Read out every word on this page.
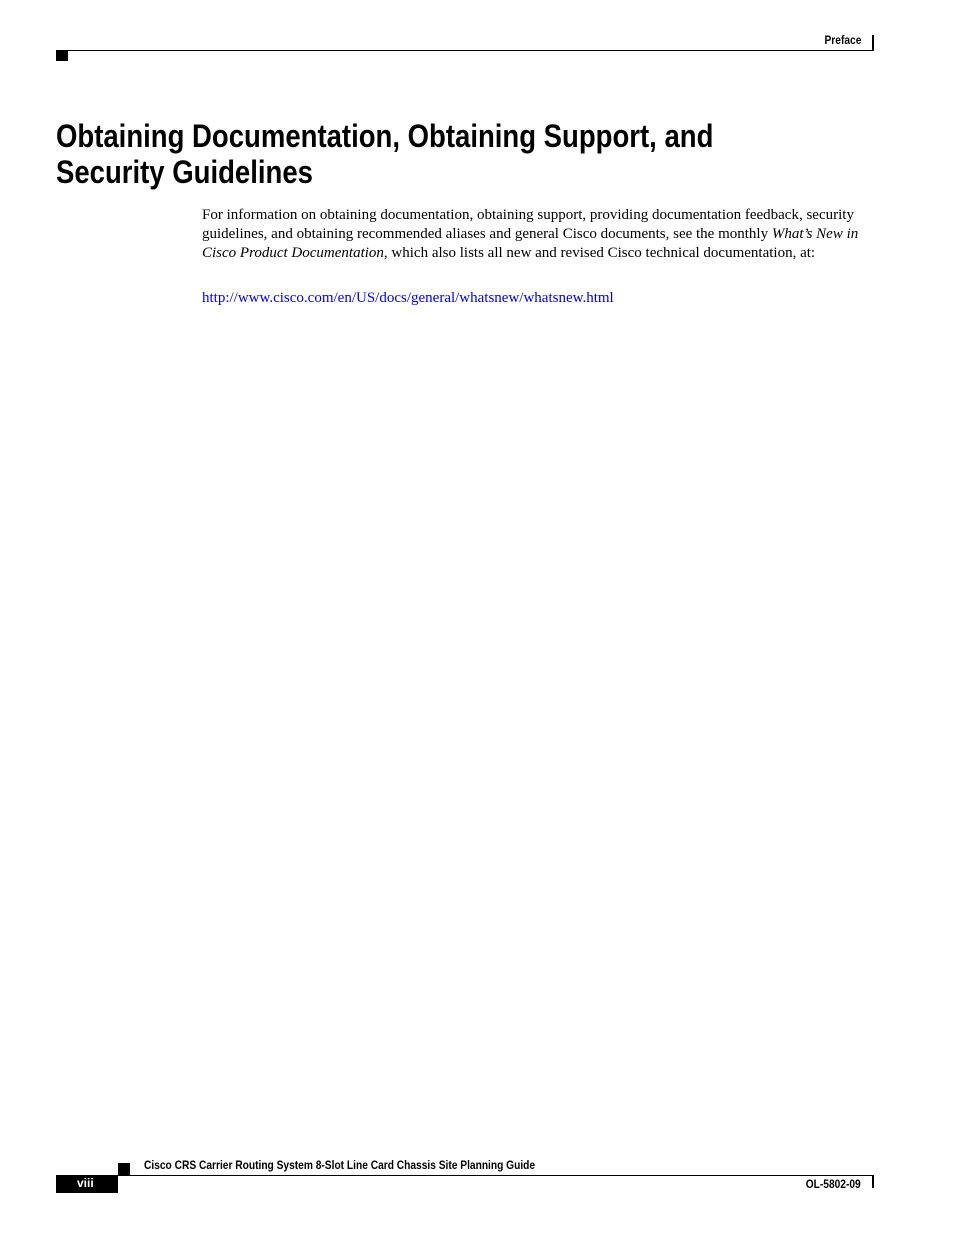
Preface
Obtaining Documentation, Obtaining Support, and Security Guidelines

For information on obtaining documentation, obtaining support, providing documentation feedback, security guidelines, and obtaining recommended aliases and general Cisco documents, see the monthly What’s New in Cisco Product Documentation, which also lists all new and revised Cisco technical documentation, at:

http://www.cisco.com/en/US/docs/general/whatsnew/whatsnew.html
Cisco CRS Carrier Routing System 8-Slot Line Card Chassis Site Planning Guide
viii	OL-5802-09
